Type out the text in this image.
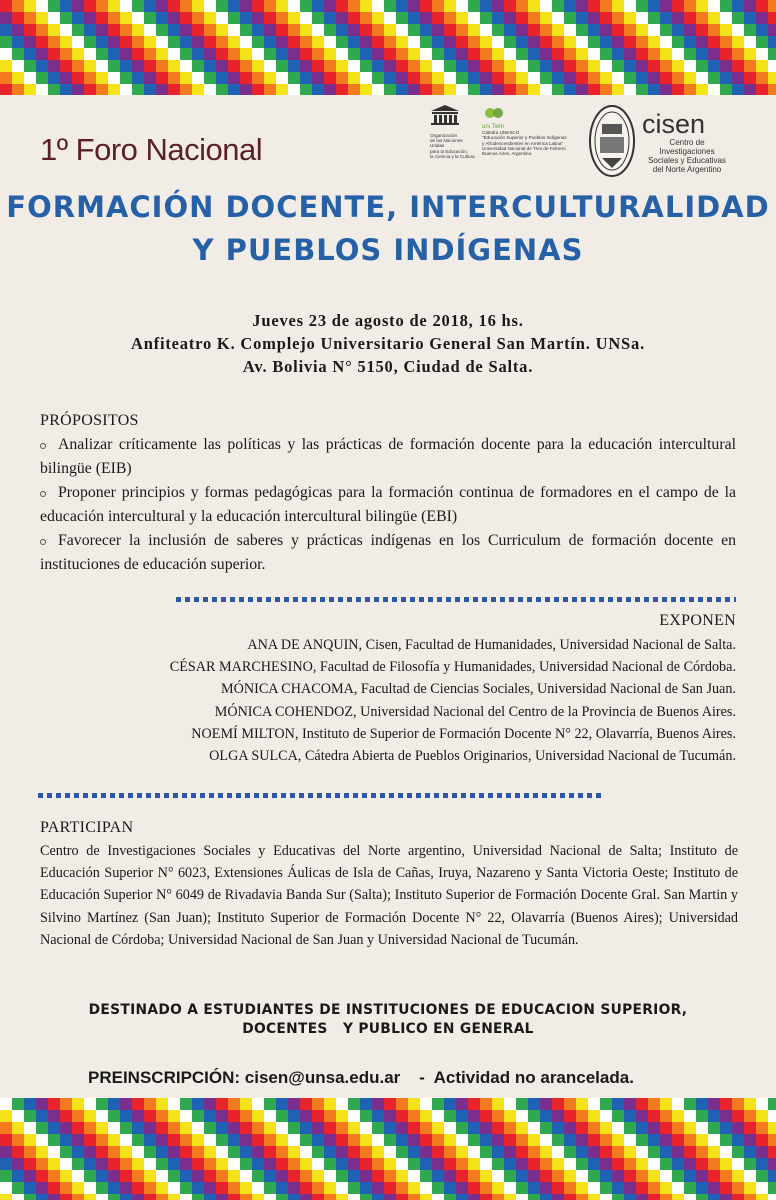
1º Foro Nacional	Organización
de las Naciones Unidas
para la Educación,
la Ciencia y la Cultura
uni Twin
Cátedra UNESCO
"Educación Superior y Pueblos Indígenas
y Afrodescendientes en América Latina"
Universidad Nacional de Tres de Febrero
Buenos Aires, Argentina
cisen
Centro de Investigaciones
Sociales y Educativas
del Norte Argentino
FORMACIÓN DOCENTE, INTERCULTURALIDAD
Y PUEBLOS INDÍGENAS
Jueves 23 de agosto de 2018, 16 hs.
Anfiteatro K. Complejo Universitario General San Martín. UNSa.
Av. Bolivia N° 5150, Ciudad de Salta.
PRÓPOSITOS
Analizar críticamente las políticas y las prácticas de formación docente para la educación intercultural bilingüe (EIB)
Proponer principios y formas pedagógicas para la formación continua de formadores en el campo de la educación intercultural y la educación intercultural bilingüe (EBI)
Favorecer la inclusión de saberes y prácticas indígenas en los Curriculum de formación docente en instituciones de educación superior.
EXPONEN
ANA DE ANQUIN, Cisen, Facultad de Humanidades, Universidad Nacional de Salta.
CÉSAR MARCHESINO, Facultad de Filosofía y Humanidades, Universidad Nacional de Córdoba.
MÓNICA CHACOMA, Facultad de Ciencias Sociales, Universidad Nacional de San Juan.
MÓNICA COHENDOZ, Universidad Nacional del Centro de la Provincia de Buenos Aires.
NOEMÍ MILTON, Instituto de Superior de Formación Docente N° 22, Olavarría, Buenos Aires.
OLGA SULCA, Cátedra Abierta de Pueblos Originarios, Universidad Nacional de Tucumán.
PARTICIPAN
Centro de Investigaciones Sociales y Educativas del Norte argentino, Universidad Nacional de Salta; Instituto de Educación Superior N° 6023, Extensiones Áulicas de Isla de Cañas, Iruya, Nazareno y Santa Victoria Oeste; Instituto de Educación Superior N° 6049 de Rivadavia Banda Sur (Salta); Instituto Superior de Formación Docente Gral. San Martin y Silvino Martínez (San Juan); Instituto Superior de Formación Docente N° 22, Olavarría (Buenos Aires); Universidad Nacional de Córdoba; Universidad Nacional de San Juan y Universidad Nacional de Tucumán.
DESTINADO A ESTUDIANTES DE INSTITUCIONES DE EDUCACION SUPERIOR,
DOCENTES   Y PUBLICO EN GENERAL
PREINSCRIPCIÓN: cisen@unsa.edu.ar    -  Actividad no arancelada.
